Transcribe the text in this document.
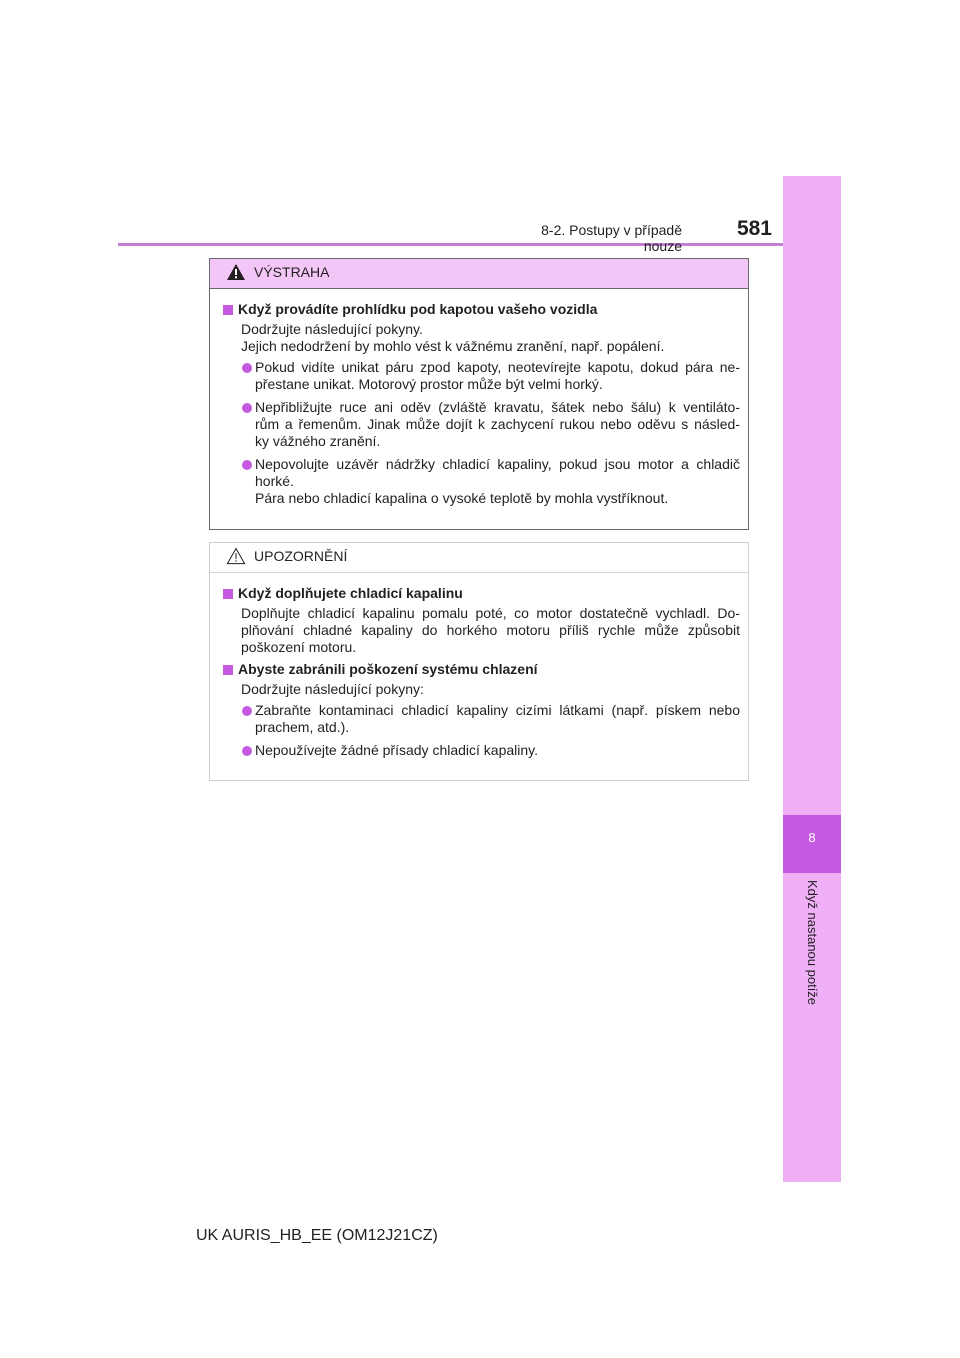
8-2. Postupy v případě nouze
581
8
Když nastanou potíže
VÝSTRAHA
Když provádíte prohlídku pod kapotou vašeho vozidla
Dodržujte následující pokyny.
Jejich nedodržení by mohlo vést k vážnému zranění, např. popálení.
Pokud vidíte unikat páru zpod kapoty, neotevírejte kapotu, dokud pára ne-
přestane unikat. Motorový prostor může být velmi horký.
Nepřibližujte ruce ani oděv (zvláště kravatu, šátek nebo šálu) k ventiláto-
rům a řemenům. Jinak může dojít k zachycení rukou nebo oděvu s násled-
ky vážného zranění.
Nepovolujte uzávěr nádržky chladicí kapaliny, pokud jsou motor a chladič
horké.
Pára nebo chladicí kapalina o vysoké teplotě by mohla vystříknout.
UPOZORNĚNÍ
Když doplňujete chladicí kapalinu
Doplňujte chladicí kapalinu pomalu poté, co motor dostatečně vychladl. Do-
plňování chladné kapaliny do horkého motoru příliš rychle může způsobit
poškození motoru.
Abyste zabránili poškození systému chlazení
Dodržujte následující pokyny:
Zabraňte kontaminaci chladicí kapaliny cizími látkami (např. pískem nebo
prachem, atd.).
Nepoužívejte žádné přísady chladicí kapaliny.
UK AURIS_HB_EE (OM12J21CZ)
